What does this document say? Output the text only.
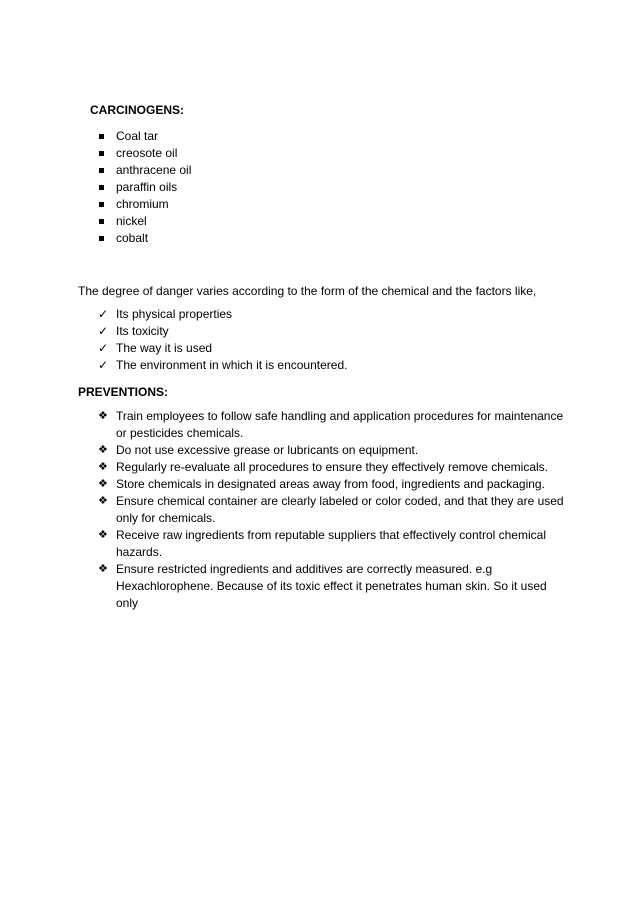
CARCINOGENS:

Coal tar
creosote oil
anthracene oil
paraffin oils
chromium
nickel
cobalt

The degree of danger varies according to the form of the chemical and the factors like,

✓ Its physical properties
✓ Its toxicity
✓ The way it is used
✓ The environment in which it is encountered.

PREVENTIONS:

❖ Train employees to follow safe handling and application procedures for maintenance or pesticides chemicals.
❖ Do not use excessive grease or lubricants on equipment.
❖ Regularly re-evaluate all procedures to ensure they effectively remove chemicals.
❖ Store chemicals in designated areas away from food, ingredients and packaging.
❖ Ensure chemical container are clearly labeled or color coded, and that they are used only for chemicals.
❖ Receive raw ingredients from reputable suppliers that effectively control chemical hazards.
❖ Ensure restricted ingredients and additives are correctly measured. e.g Hexachlorophene. Because of its toxic effect it penetrates human skin. So it used only
